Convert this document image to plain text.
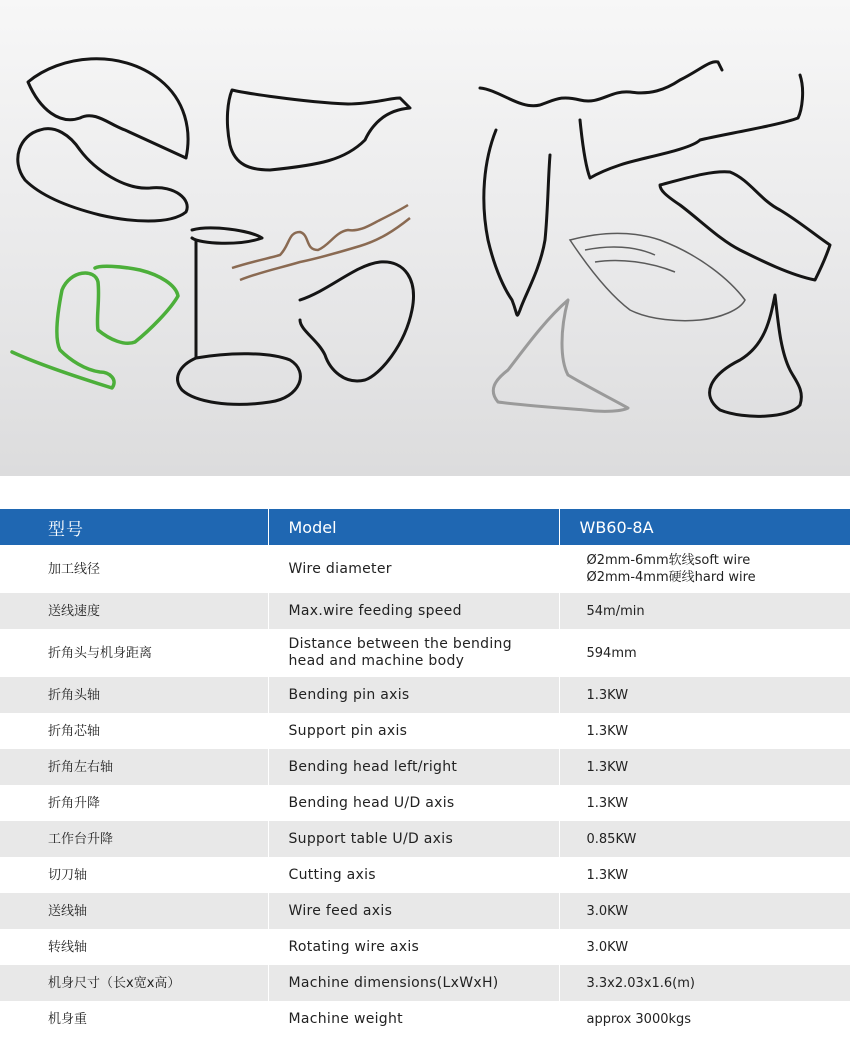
型号	Model	WB60-8A
加工线径	Wire diameter	Ø2mm-6mm软线soft wire
Ø2mm-4mm硬线hard wire

送线速度	Max.wire feeding speed	54m/min
折角头与机身距离	Distance between the bending
head and machine body	594mm
折角头轴	Bending pin axis	1.3KW
折角芯轴	Support pin axis	1.3KW
折角左右轴	Bending head left/right	1.3KW
折角升降	Bending head U/D axis	1.3KW
工作台升降	Support table U/D axis	0.85KW
切刀轴	Cutting axis	1.3KW
送线轴	Wire feed axis	3.0KW
转线轴	Rotating wire axis	3.0KW
机身尺寸（长x宽x高）	Machine dimensions(LxWxH)	3.3x2.03x1.6(m)
机身重	Machine weight	approx 3000kgs
